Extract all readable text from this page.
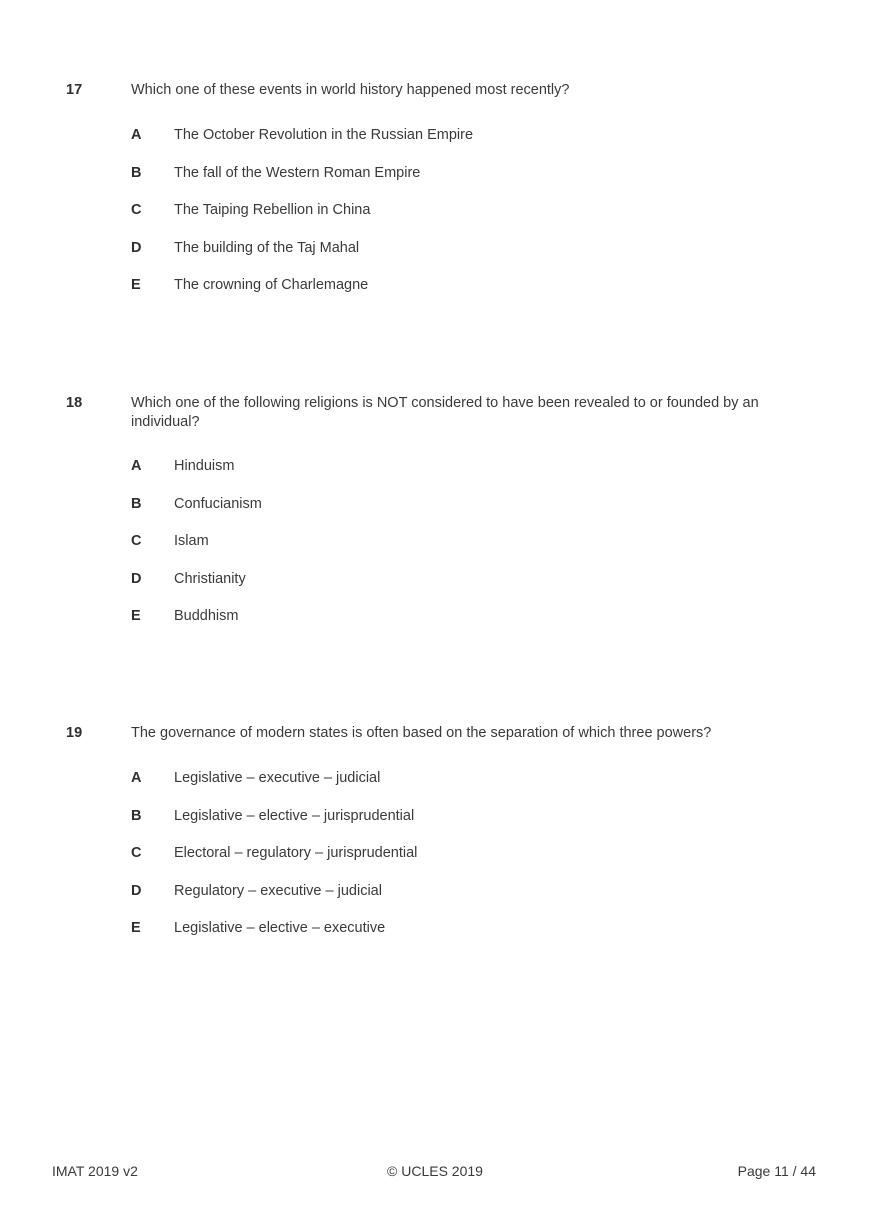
17	Which one of these events in world history happened most recently?
A The October Revolution in the Russian Empire
B The fall of the Western Roman Empire
C The Taiping Rebellion in China
D The building of the Taj Mahal
E The crowning of Charlemagne
18	Which one of the following religions is NOT considered to have been revealed to or founded by an individual?
A Hinduism
B Confucianism
C Islam
D Christianity
E Buddhism
19	The governance of modern states is often based on the separation of which three powers?
A Legislative – executive – judicial
B Legislative – elective – jurisprudential
C Electoral – regulatory – jurisprudential
D Regulatory – executive – judicial
E Legislative – elective – executive
IMAT 2019 v2	© UCLES 2019	Page 11 / 44
